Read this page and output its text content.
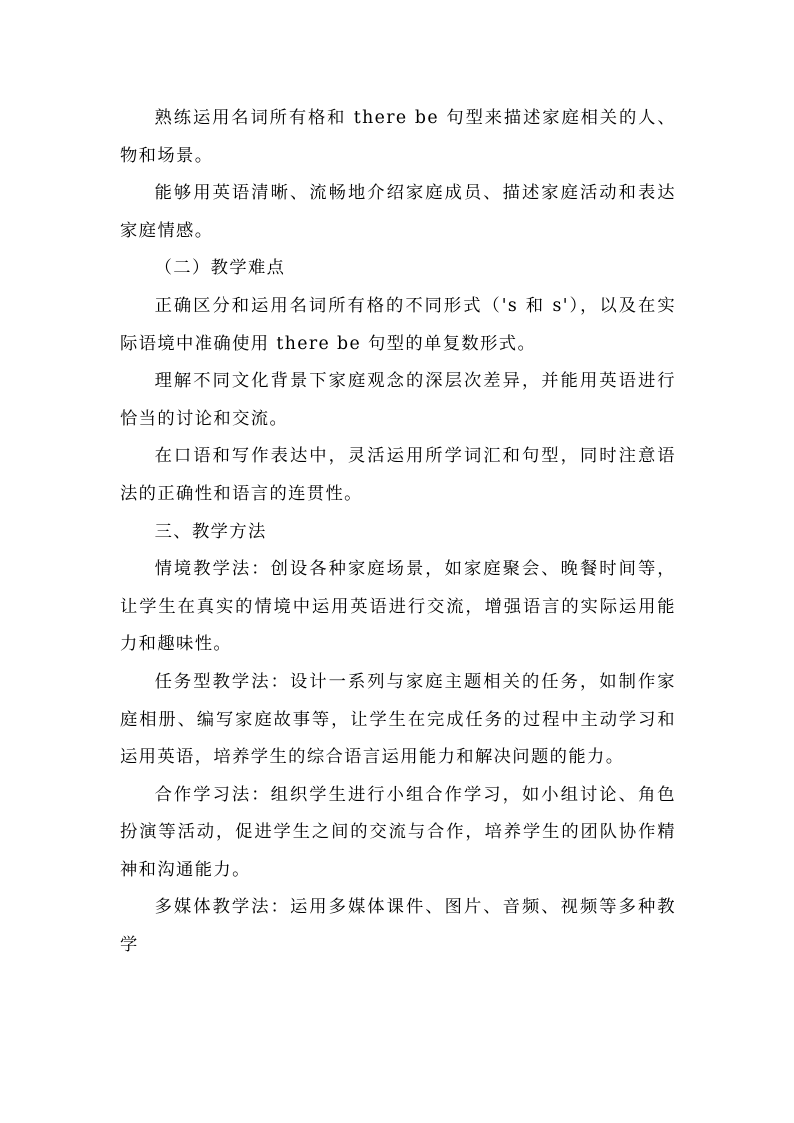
熟练运用名词所有格和 there be 句型来描述家庭相关的人、物和场景。

能够用英语清晰、流畅地介绍家庭成员、描述家庭活动和表达家庭情感。

（二）教学难点

正确区分和运用名词所有格的不同形式（'s 和 s'），以及在实际语境中准确使用 there be 句型的单复数形式。

理解不同文化背景下家庭观念的深层次差异，并能用英语进行恰当的讨论和交流。

在口语和写作表达中，灵活运用所学词汇和句型，同时注意语法的正确性和语言的连贯性。

三、教学方法

情境教学法：创设各种家庭场景，如家庭聚会、晚餐时间等，让学生在真实的情境中运用英语进行交流，增强语言的实际运用能力和趣味性。

任务型教学法：设计一系列与家庭主题相关的任务，如制作家庭相册、编写家庭故事等，让学生在完成任务的过程中主动学习和运用英语，培养学生的综合语言运用能力和解决问题的能力。

合作学习法：组织学生进行小组合作学习，如小组讨论、角色扮演等活动，促进学生之间的交流与合作，培养学生的团队协作精神和沟通能力。

多媒体教学法：运用多媒体课件、图片、音频、视频等多种教学
